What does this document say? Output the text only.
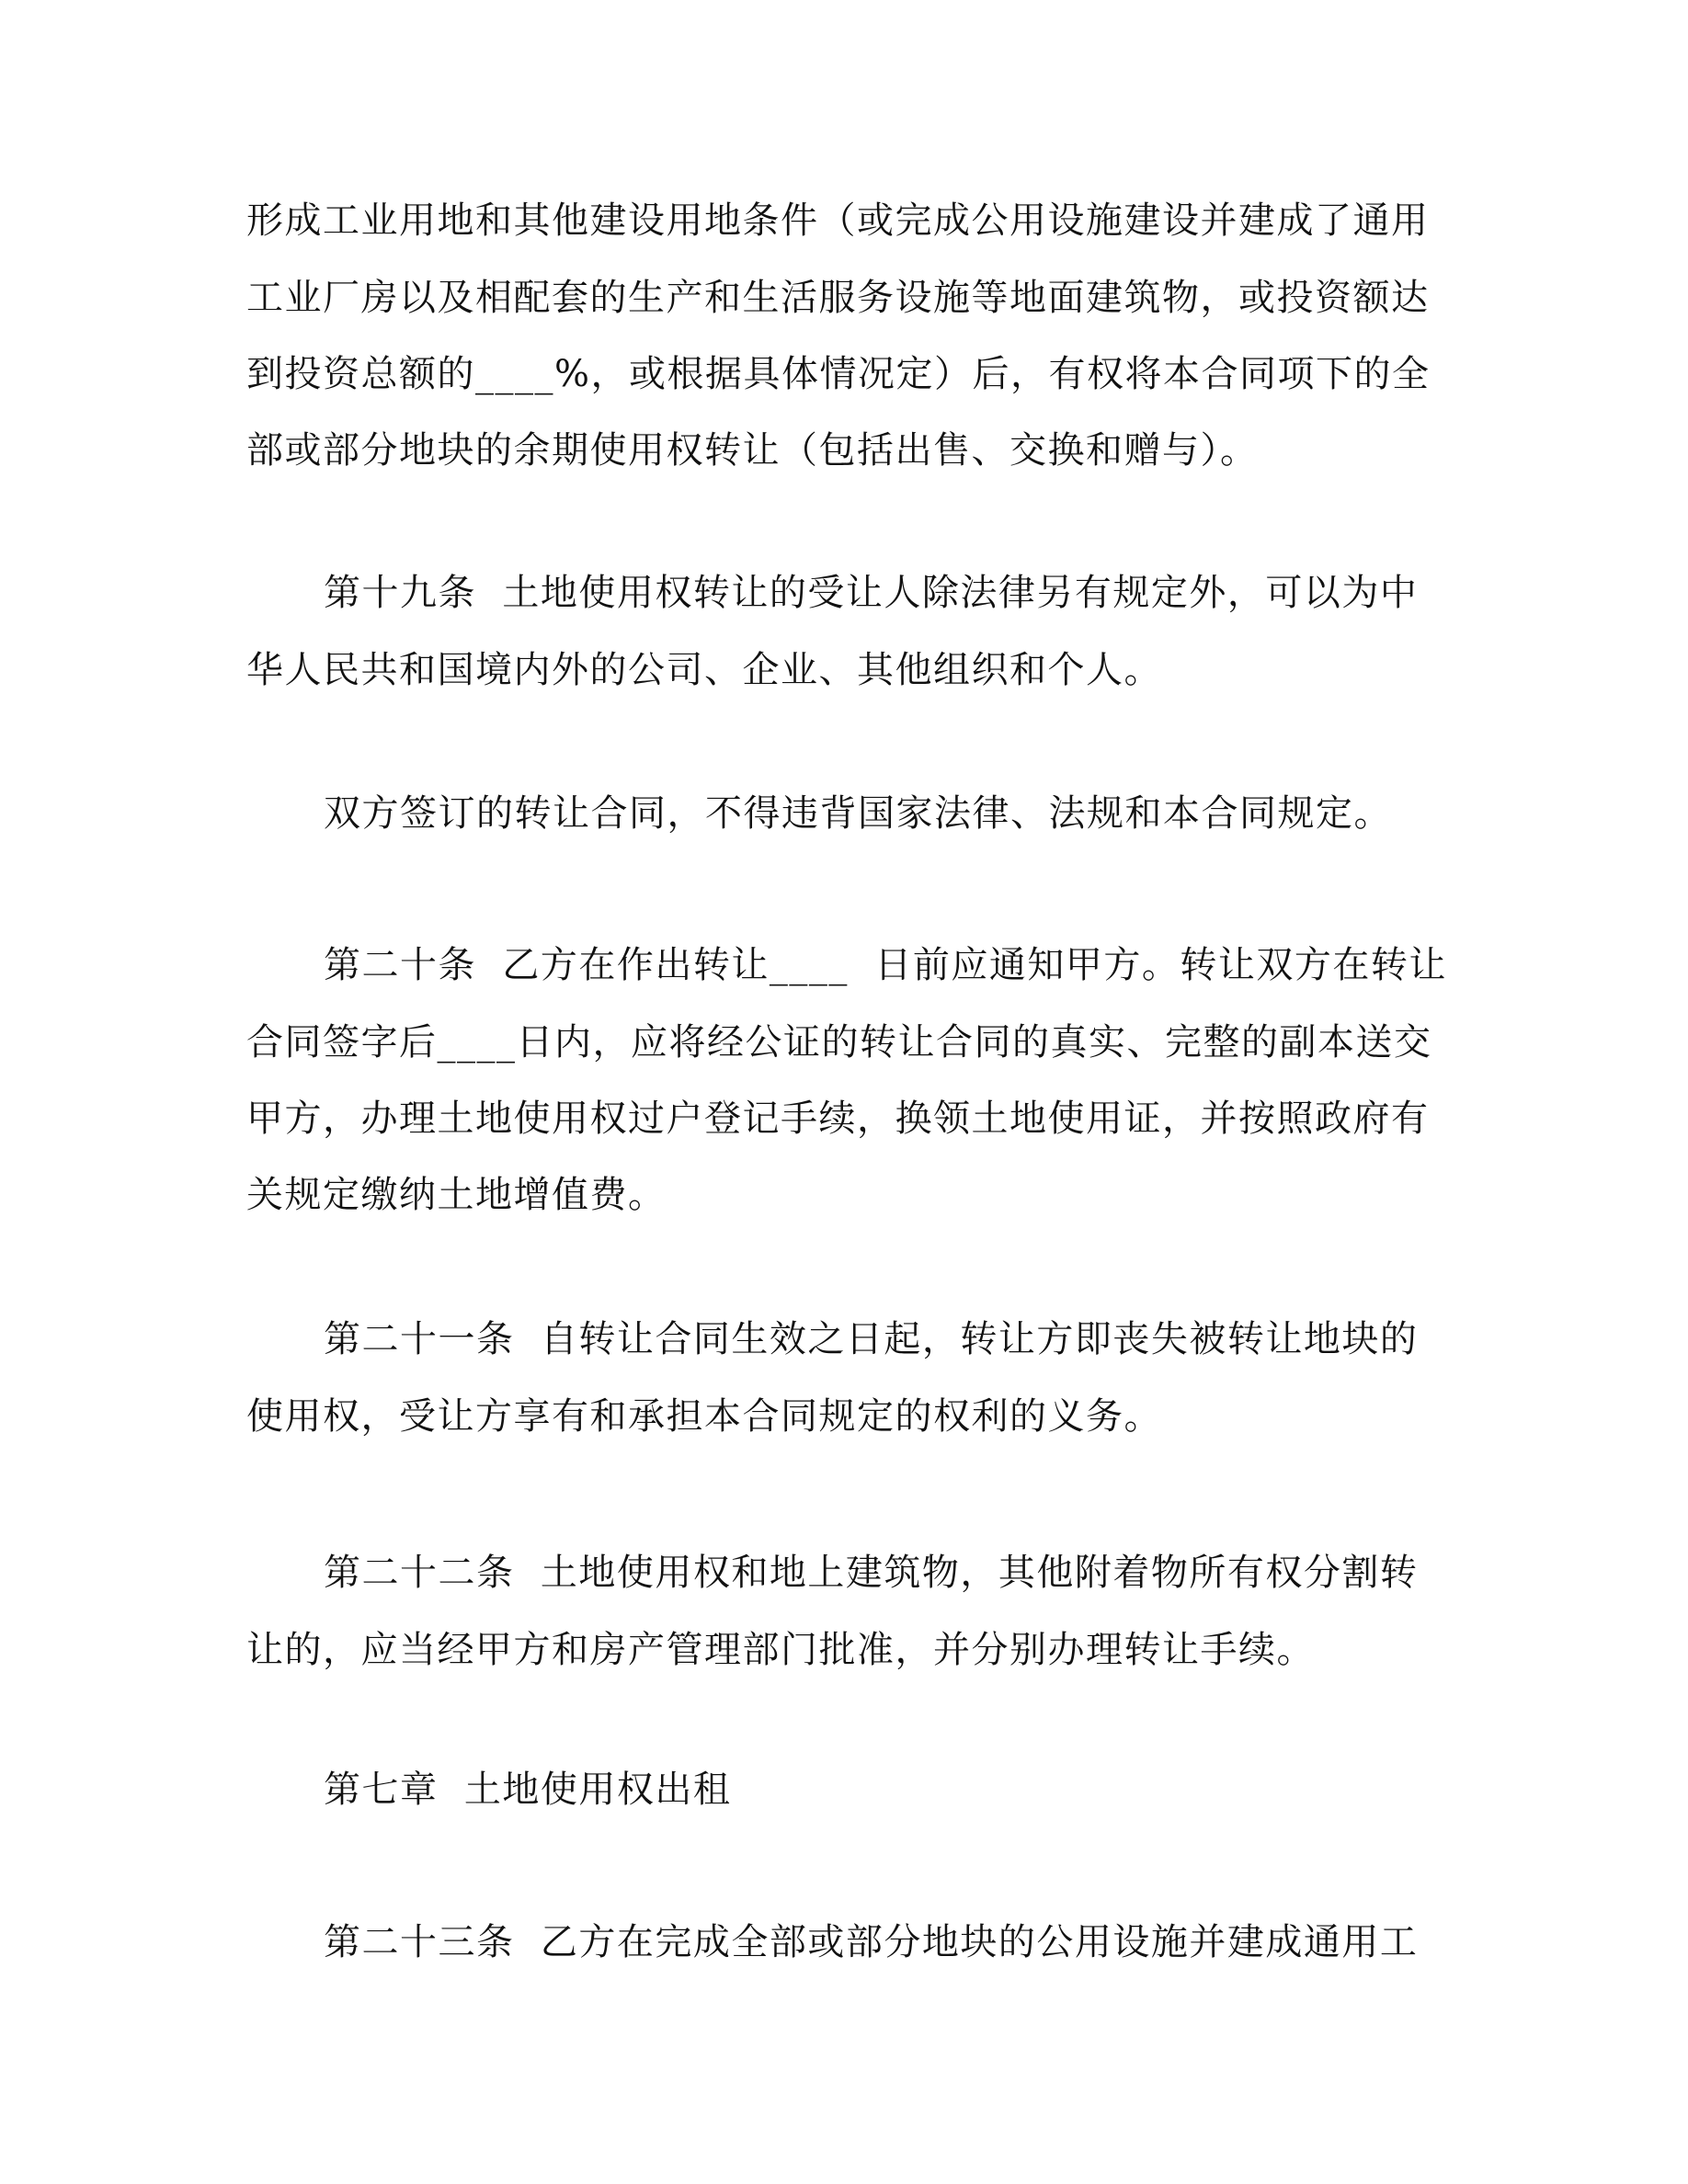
形成工业用地和其他建设用地条件（或完成公用设施建设并建成了通用
工业厂房以及相配套的生产和生活服务设施等地面建筑物，或投资额达
到投资总额的____%，或根据具体情况定）后，有权将本合同项下的全
部或部分地块的余期使用权转让（包括出售、交换和赠与）。
第十九条  土地使用权转让的受让人除法律另有规定外，可以为中
华人民共和国境内外的公司、企业、其他组织和个人。
双方签订的转让合同，不得违背国家法律、法规和本合同规定。
第二十条  乙方在作出转让____  日前应通知甲方。转让双方在转让
合同签字后____日内，应将经公证的转让合同的真实、完整的副本送交
甲方，办理土地使用权过户登记手续，换领土地使用证，并按照政府有
关规定缴纳土地增值费。
第二十一条  自转让合同生效之日起，转让方即丧失被转让地块的
使用权，受让方享有和承担本合同规定的权利的义务。
第二十二条  土地使用权和地上建筑物，其他附着物所有权分割转
让的，应当经甲方和房产管理部门批准，并分别办理转让手续。
第七章  土地使用权出租
第二十三条  乙方在完成全部或部分地块的公用设施并建成通用工
